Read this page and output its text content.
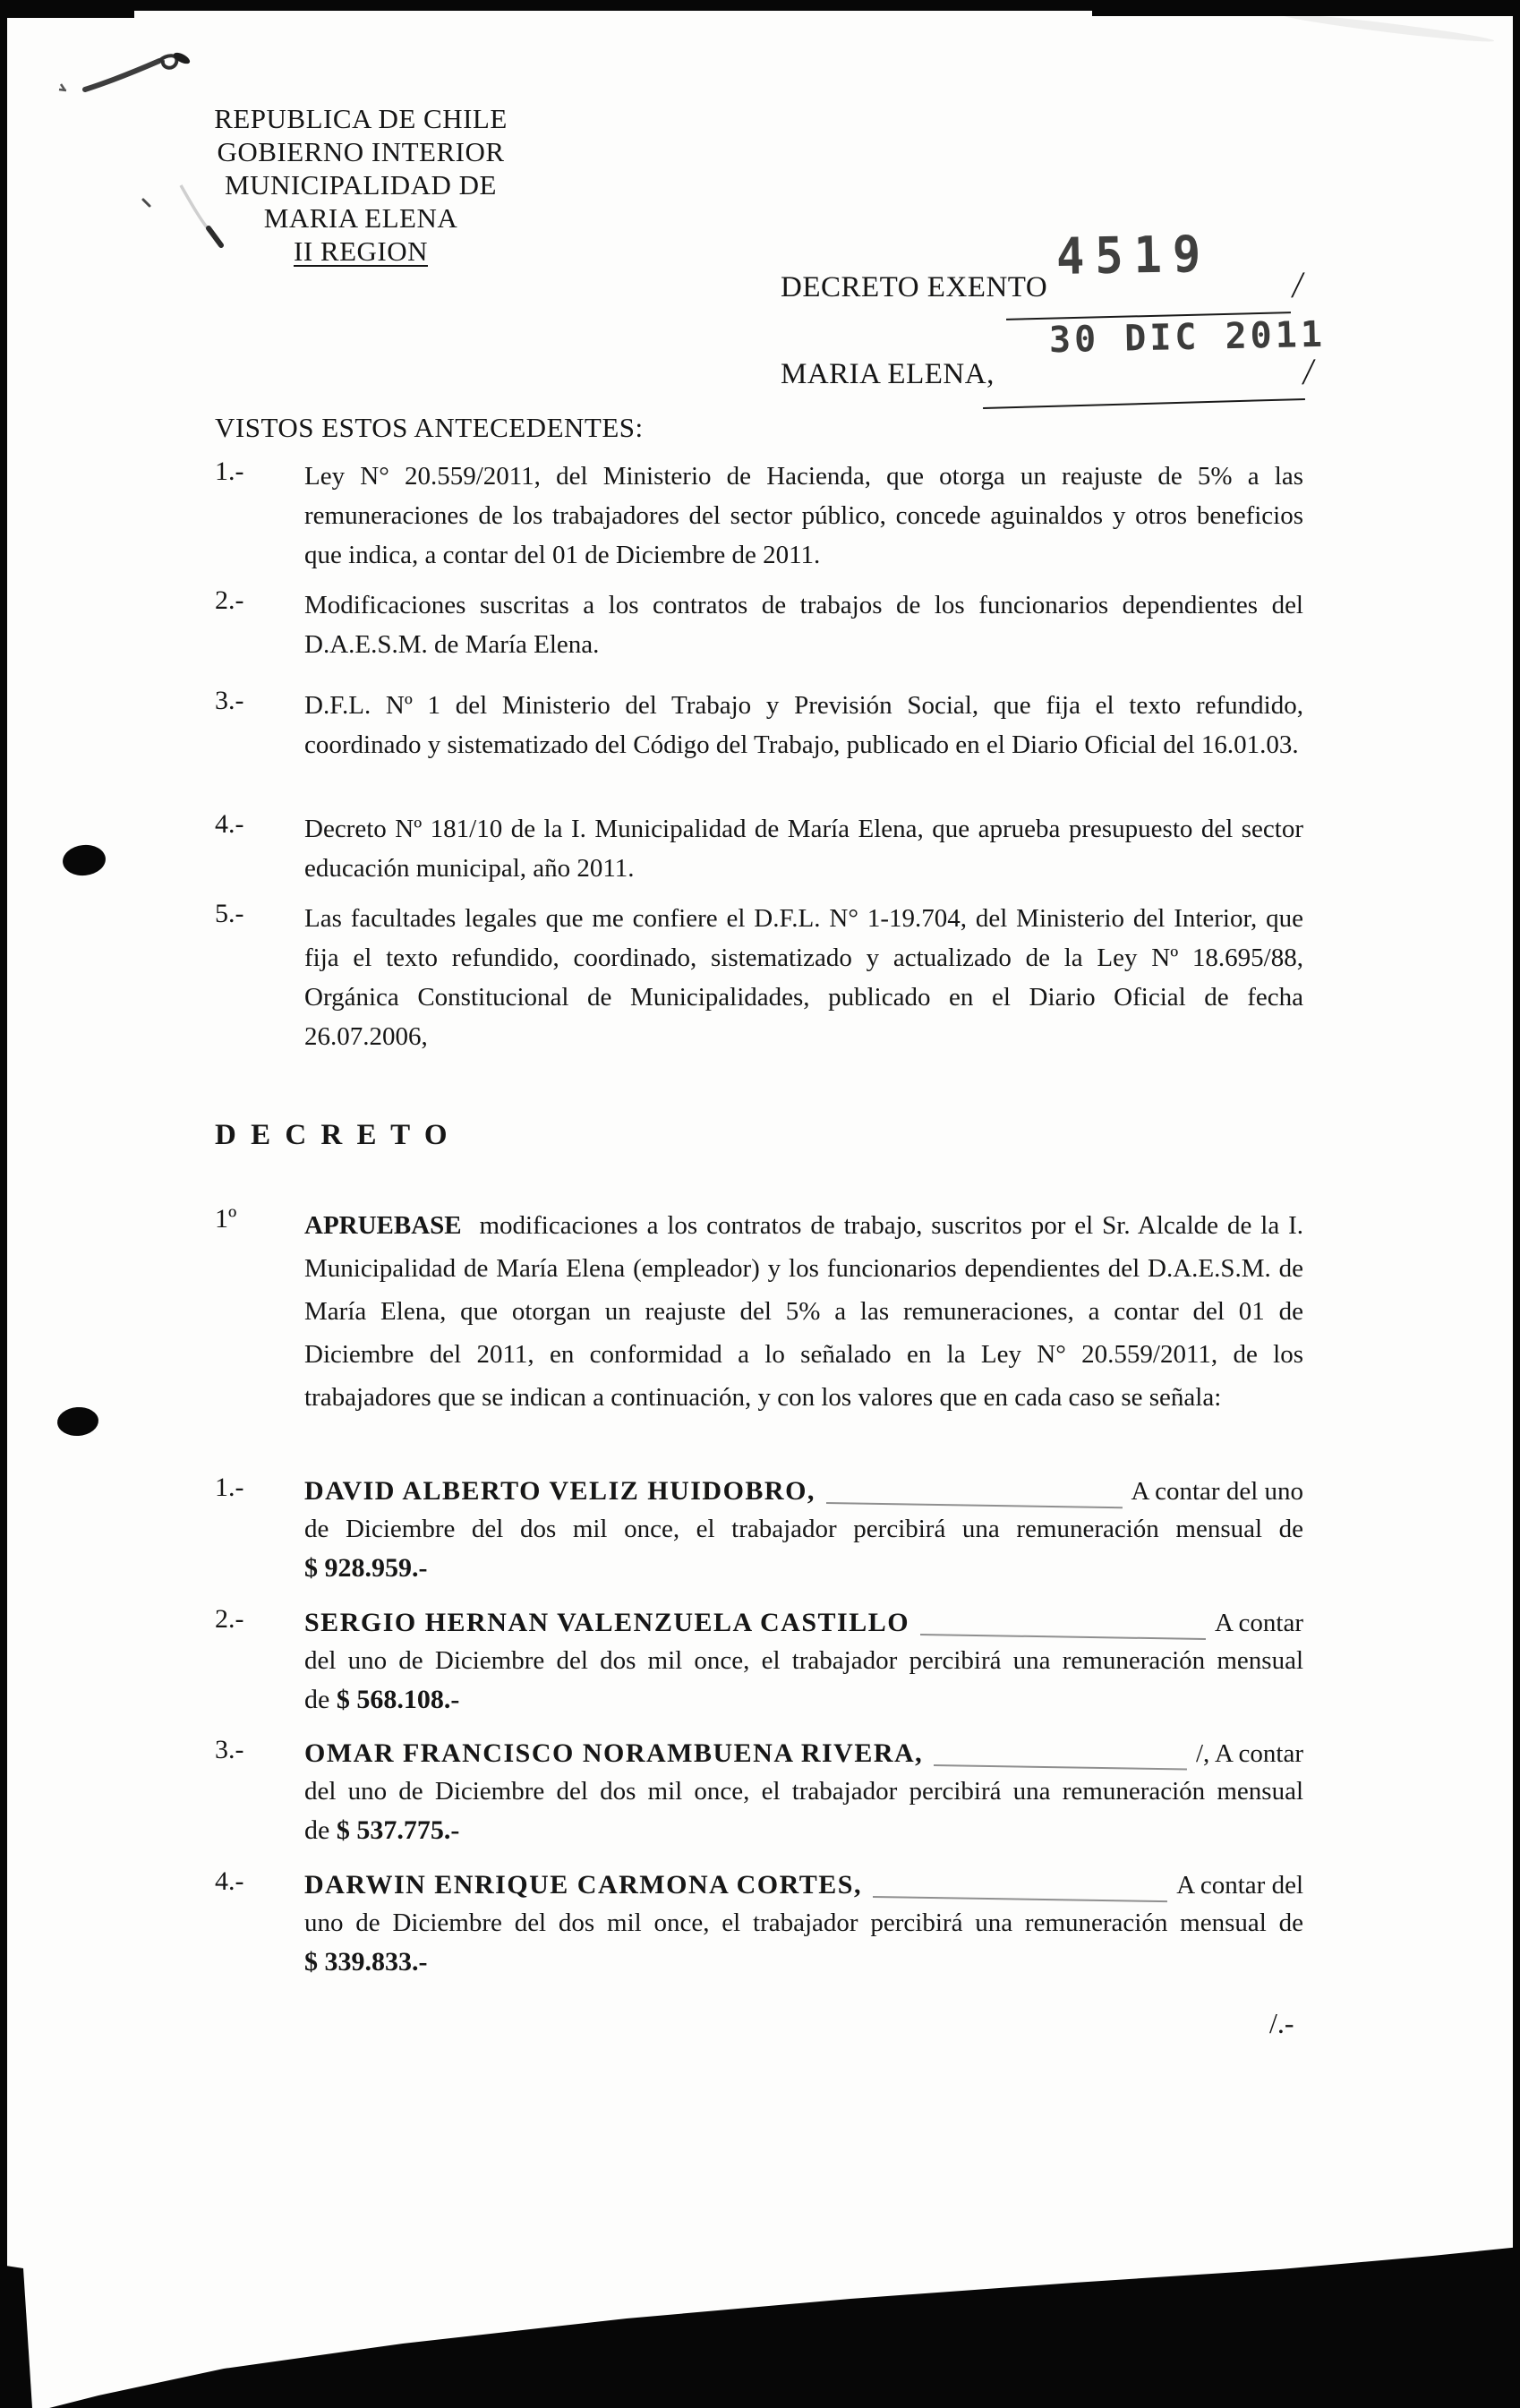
REPUBLICA DE CHILE
GOBIERNO INTERIOR
MUNICIPALIDAD DE
MARIA ELENA
II REGION
DECRETO EXENTO
4519 /
MARIA ELENA,
30 DIC 2011
/
VISTOS ESTOS ANTECEDENTES:
1.-	Ley N° 20.559/2011, del Ministerio de Hacienda, que otorga un reajuste de 5% a las remuneraciones de los trabajadores del sector público, concede aguinaldos y otros beneficios que indica, a contar del 01 de Diciembre de 2011.
2.-	Modificaciones suscritas a los contratos de trabajos de los funcionarios dependientes del D.A.E.S.M. de María Elena.
3.-	D.F.L. Nº 1 del Ministerio del Trabajo y Previsión Social, que fija el texto refundido, coordinado y sistematizado del Código del Trabajo, publicado en el Diario Oficial del 16.01.03.
4.-	Decreto Nº 181/10 de la I. Municipalidad de María Elena, que aprueba presupuesto del sector educación municipal, año 2011.
5.-	Las facultades legales que me confiere el D.F.L. N° 1-19.704, del Ministerio del Interior, que fija el texto refundido, coordinado, sistematizado y actualizado de la Ley Nº 18.695/88, Orgánica Constitucional de Municipalidades, publicado en el Diario Oficial de fecha 26.07.2006,
D E C R E T O
1º	APRUEBASE modificaciones a los contratos de trabajo, suscritos por el Sr. Alcalde de la I. Municipalidad de María Elena (empleador) y los funcionarios dependientes del D.A.E.S.M. de María Elena, que otorgan un reajuste del 5% a las remuneraciones, a contar del 01 de Diciembre del 2011, en conformidad a lo señalado en la Ley N° 20.559/2011, de los trabajadores que se indican a continuación, y con los valores que en cada caso se señala:
1.-	DAVID ALBERTO VELIZ HUIDOBRO,	A contar del uno
de Diciembre del dos mil once, el trabajador percibirá una remuneración mensual de
$ 928.959.-
2.-	SERGIO HERNAN VALENZUELA CASTILLO	A contar
del uno de Diciembre del dos mil once, el trabajador percibirá una remuneración mensual
de $ 568.108.-
3.-	OMAR FRANCISCO NORAMBUENA RIVERA,	/, A contar
del uno de Diciembre del dos mil once, el trabajador percibirá una remuneración mensual
de $ 537.775.-
4.-	DARWIN ENRIQUE CARMONA CORTES,	A contar del
uno de Diciembre del dos mil once, el trabajador percibirá una remuneración mensual de
$ 339.833.-
/.-
